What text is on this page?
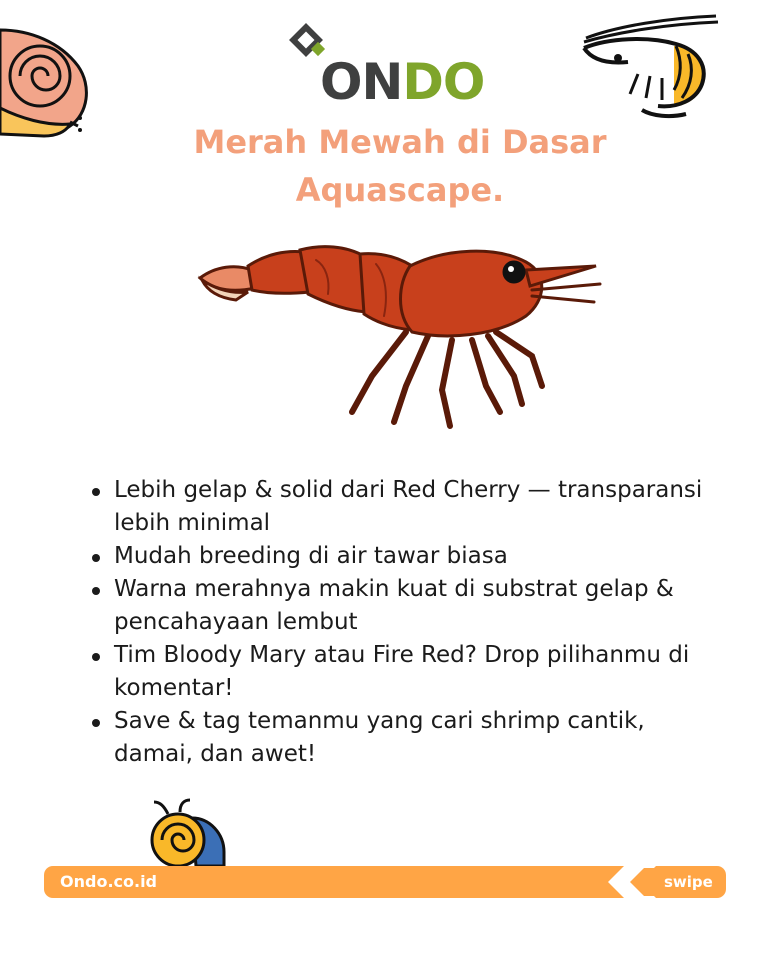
ONDO
Merah Mewah di Dasar
Aquascape.
Lebih gelap & solid dari Red Cherry — transparansi lebih minimal
Mudah breeding di air tawar biasa
Warna merahnya makin kuat di substrat gelap & pencahayaan lembut
Tim Bloody Mary atau Fire Red? Drop pilihanmu di komentar!
Save & tag temanmu yang cari shrimp cantik, damai, dan awet!
Ondo.co.id	swipe
